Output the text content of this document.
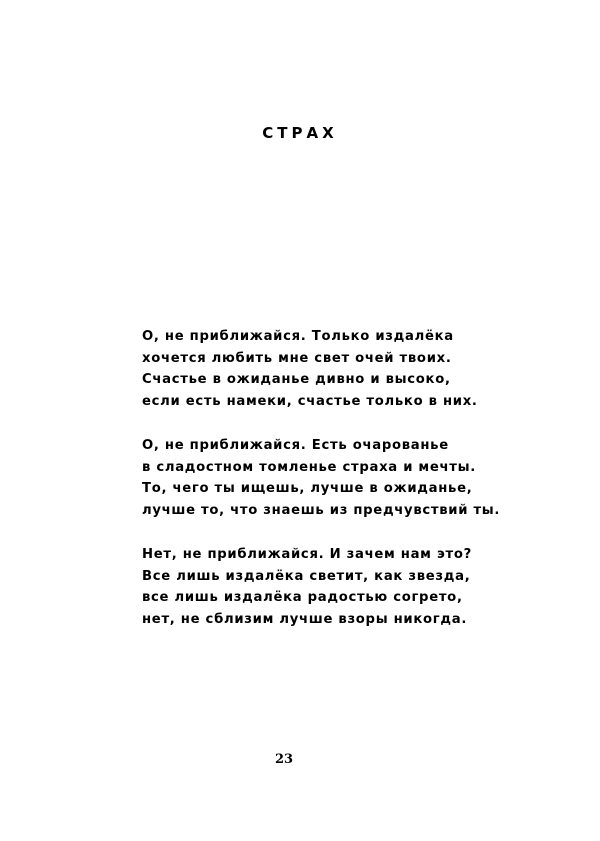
СТРАХ
О, не приближайся. Только издалёка
хочется любить мне свет очей твоих.
Счастье в ожиданье дивно и высоко,
если есть намеки, счастье только в них.
О, не приближайся. Есть очарованье
в сладостном томленье страха и мечты.
То, чего ты ищешь, лучше в ожиданье,
лучше то, что знаешь из предчувствий ты.
Нет, не приближайся. И зачем нам это?
Все лишь издалёка светит, как звезда,
все лишь издалёка радостью согрето,
нет, не сблизим лучше взоры никогда.
23
